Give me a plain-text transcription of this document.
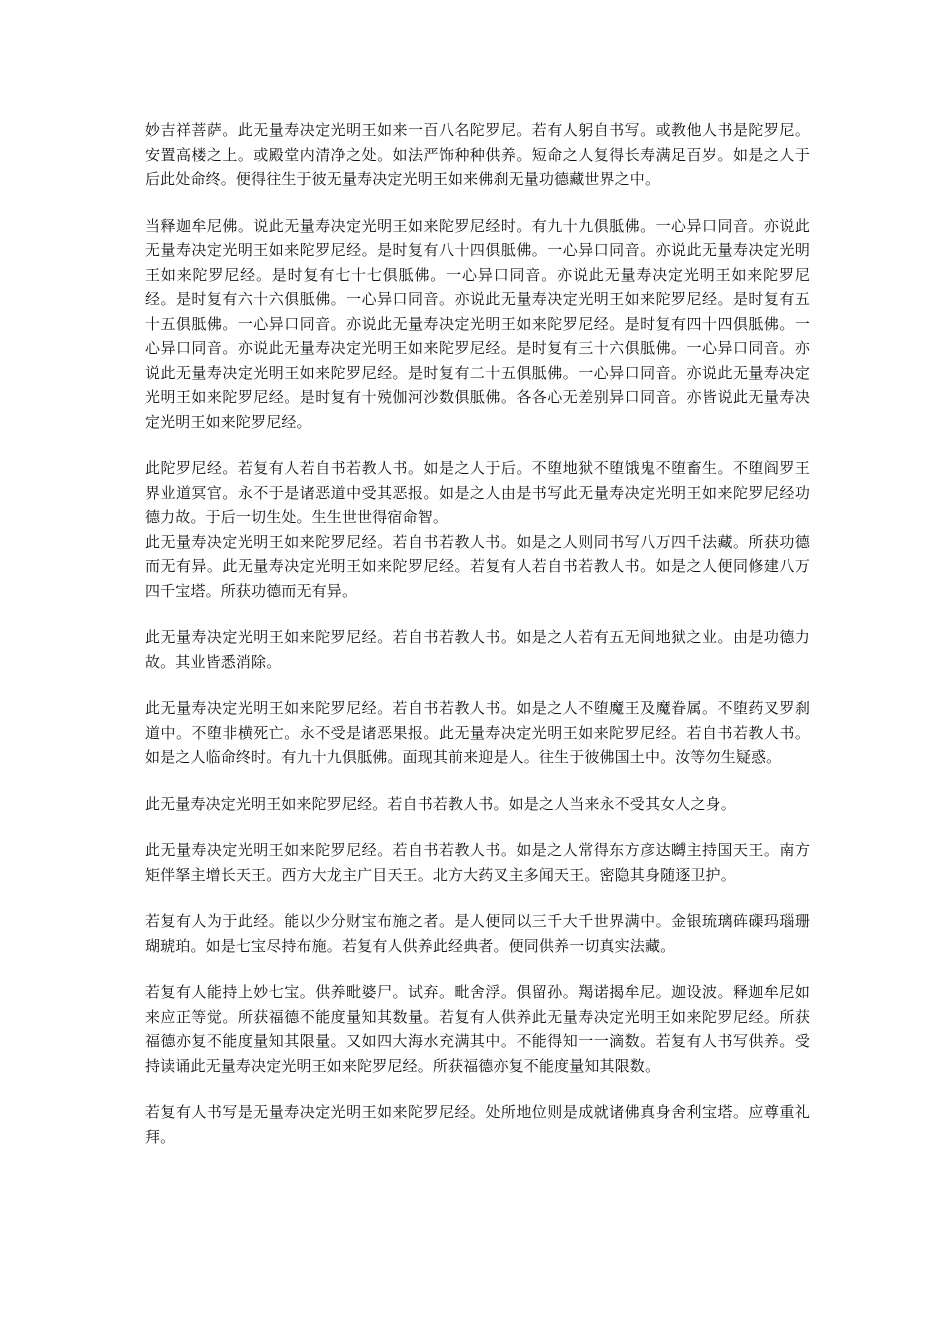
妙吉祥菩萨。此无量寿决定光明王如来一百八名陀罗尼。若有人躬自书写。或教他人书是陀罗尼。安置高楼之上。或殿堂内清净之处。如法严饰种种供养。短命之人复得长寿满足百岁。如是之人于后此处命终。便得往生于彼无量寿决定光明王如来佛刹无量功德藏世界之中。

当释迦牟尼佛。说此无量寿决定光明王如来陀罗尼经时。有九十九俱胝佛。一心异口同音。亦说此无量寿决定光明王如来陀罗尼经。是时复有八十四俱胝佛。一心异口同音。亦说此无量寿决定光明王如来陀罗尼经。是时复有七十七俱胝佛。一心异口同音。亦说此无量寿决定光明王如来陀罗尼经。是时复有六十六俱胝佛。一心异口同音。亦说此无量寿决定光明王如来陀罗尼经。是时复有五十五俱胝佛。一心异口同音。亦说此无量寿决定光明王如来陀罗尼经。是时复有四十四俱胝佛。一心异口同音。亦说此无量寿决定光明王如来陀罗尼经。是时复有三十六俱胝佛。一心异口同音。亦说此无量寿决定光明王如来陀罗尼经。是时复有二十五俱胝佛。一心异口同音。亦说此无量寿决定光明王如来陀罗尼经。是时复有十殑伽河沙数俱胝佛。各各心无差别异口同音。亦皆说此无量寿决定光明王如来陀罗尼经。

此陀罗尼经。若复有人若自书若教人书。如是之人于后。不堕地狱不堕饿鬼不堕畜生。不堕阎罗王界业道冥官。永不于是诸恶道中受其恶报。如是之人由是书写此无量寿决定光明王如来陀罗尼经功德力故。于后一切生处。生生世世得宿命智。

此无量寿决定光明王如来陀罗尼经。若自书若教人书。如是之人则同书写八万四千法藏。所获功德而无有异。此无量寿决定光明王如来陀罗尼经。若复有人若自书若教人书。如是之人便同修建八万四千宝塔。所获功德而无有异。

此无量寿决定光明王如来陀罗尼经。若自书若教人书。如是之人若有五无间地狱之业。由是功德力故。其业皆悉消除。

此无量寿决定光明王如来陀罗尼经。若自书若教人书。如是之人不堕魔王及魔眷属。不堕药叉罗刹道中。不堕非横死亡。永不受是诸恶果报。此无量寿决定光明王如来陀罗尼经。若自书若教人书。如是之人临命终时。有九十九俱胝佛。面现其前来迎是人。往生于彼佛国土中。汝等勿生疑惑。

此无量寿决定光明王如来陀罗尼经。若自书若教人书。如是之人当来永不受其女人之身。

此无量寿决定光明王如来陀罗尼经。若自书若教人书。如是之人常得东方彦达嚩主持国天王。南方矩伴拏主增长天王。西方大龙主广目天王。北方大药叉主多闻天王。密隐其身随逐卫护。

若复有人为于此经。能以少分财宝布施之者。是人便同以三千大千世界满中。金银琉璃砗磲玛瑙珊瑚琥珀。如是七宝尽持布施。若复有人供养此经典者。便同供养一切真实法藏。

若复有人能持上妙七宝。供养毗婆尸。试弃。毗舍浮。俱留孙。羯诺揭牟尼。迦设波。释迦牟尼如来应正等觉。所获福德不能度量知其数量。若复有人供养此无量寿决定光明王如来陀罗尼经。所获福德亦复不能度量知其限量。又如四大海水充满其中。不能得知一一滴数。若复有人书写供养。受持读诵此无量寿决定光明王如来陀罗尼经。所获福德亦复不能度量知其限数。

若复有人书写是无量寿决定光明王如来陀罗尼经。处所地位则是成就诸佛真身舍利宝塔。应尊重礼拜。
